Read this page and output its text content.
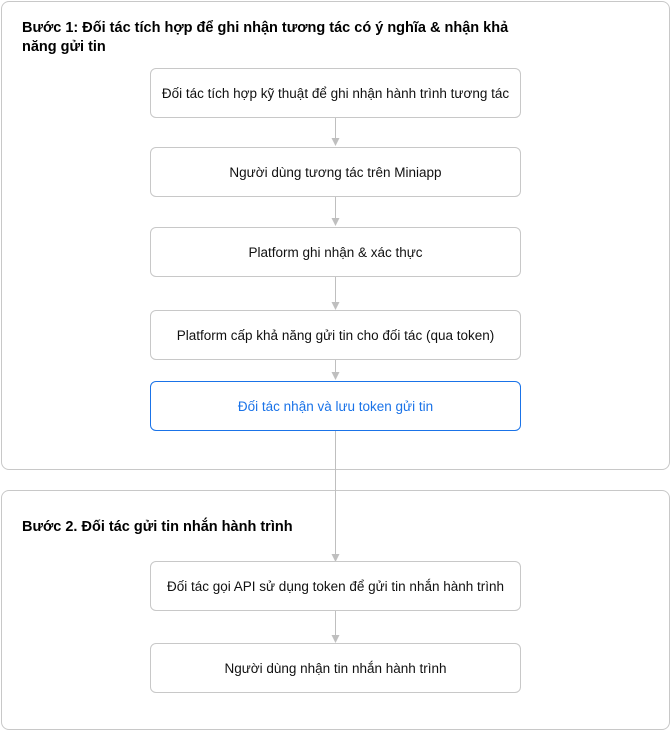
Bước 1: Đối tác tích hợp để ghi nhận tương tác có ý nghĩa & nhận khả năng gửi tin
Bước 2. Đối tác gửi tin nhắn hành trình
Đối tác tích hợp kỹ thuật để ghi nhận hành trình tương tác
Người dùng tương tác trên Miniapp
Platform ghi nhận & xác thực
Platform cấp khả năng gửi tin cho đối tác (qua token)
Đối tác nhận và lưu token gửi tin
Đối tác gọi API sử dụng token để gửi tin nhắn hành trình
Người dùng nhận tin nhắn hành trình
